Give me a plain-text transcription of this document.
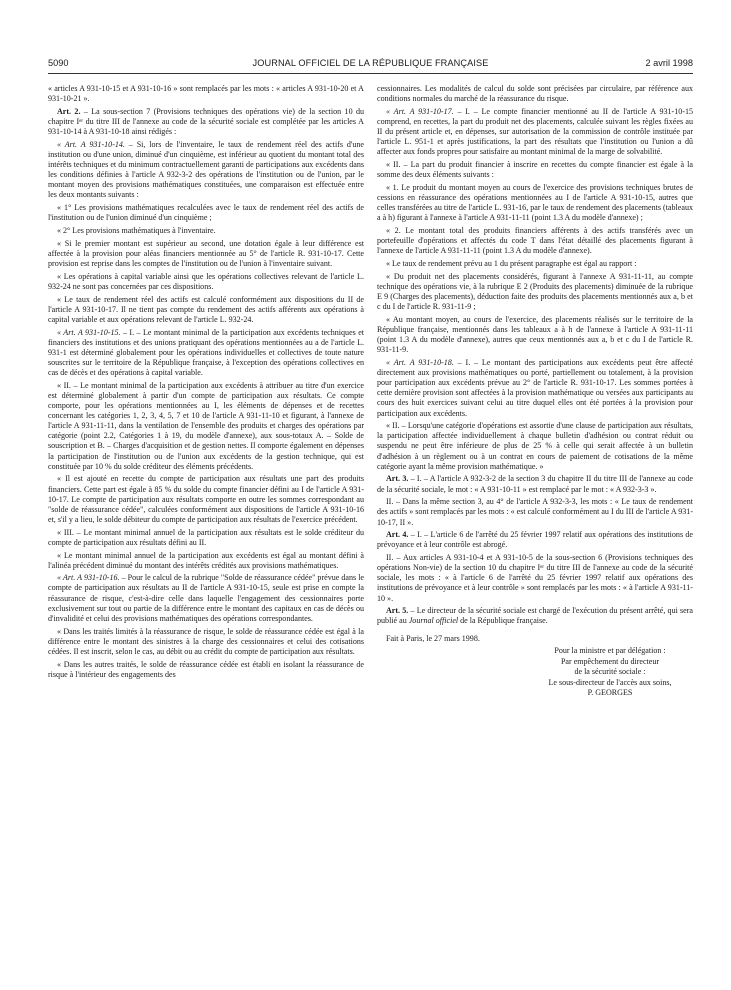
5090	JOURNAL OFFICIEL DE LA RÉPUBLIQUE FRANÇAISE	2 avril 1998

« articles A 931-10-15 et A 931-10-16 » sont remplacés par les mots : « articles A 931-10-20 et A 931-10-21 ».

Art. 2. – La sous-section 7 (Provisions techniques des opérations vie) de la section 10 du chapitre Iᵉʳ du titre III de l'annexe au code de la sécurité sociale est complétée par les articles A 931-10-14 à A 931-10-18 ainsi rédigés :

« Art. A 931-10-14. – Si, lors de l'inventaire, le taux de rendement réel des actifs d'une institution ou d'une union, diminué d'un cinquième, est inférieur au quotient du montant total des intérêts techniques et du minimum contractuellement garanti de participations aux excédents dans les conditions définies à l'article A 932-3-2 des opérations de l'institution ou de l'union, par le montant moyen des provisions mathématiques constituées, une comparaison est effectuée entre les deux montants suivants :

« 1° Les provisions mathématiques recalculées avec le taux de rendement réel des actifs de l'institution ou de l'union diminué d'un cinquième ;

« 2° Les provisions mathématiques à l'inventaire.

« Si le premier montant est supérieur au second, une dotation égale à leur différence est affectée à la provision pour aléas financiers mentionnée au 5° de l'article R. 931-10-17. Cette provision est reprise dans les comptes de l'institution ou de l'union à l'inventaire suivant.

« Les opérations à capital variable ainsi que les opérations collectives relevant de l'article L. 932-24 ne sont pas concernées par ces dispositions.

« Le taux de rendement réel des actifs est calculé conformément aux dispositions du II de l'article A 931-10-17. Il ne tient pas compte du rendement des actifs afférents aux opérations à capital variable et aux opérations relevant de l'article L. 932-24.

« Art. A 931-10-15. – I. – Le montant minimal de la participation aux excédents techniques et financiers des institutions et des unions pratiquant des opérations mentionnées au a de l'article L. 931-1 est déterminé globalement pour les opérations individuelles et collectives de toute nature souscrites sur le territoire de la République française, à l'exception des opérations collectives en cas de décès et des opérations à capital variable.

« II. – Le montant minimal de la participation aux excédents à attribuer au titre d'un exercice est déterminé globalement à partir d'un compte de participation aux résultats. Ce compte comporte, pour les opérations mentionnées au I, les éléments de dépenses et de recettes concernant les catégories 1, 2, 3, 4, 5, 7 et 10 de l'article A 931-11-10 et figurant, à l'annexe de l'article A 931-11-11, dans la ventilation de l'ensemble des produits et charges des opérations par catégorie (point 2.2, Catégories 1 à 19, du modèle d'annexe), aux sous-totaux A. – Solde de souscription et B. – Charges d'acquisition et de gestion nettes. Il comporte également en dépenses la participation de l'institution ou de l'union aux excédents de la gestion technique, qui est constituée par 10 % du solde créditeur des éléments précédents.

« Il est ajouté en recette du compte de participation aux résultats une part des produits financiers. Cette part est égale à 85 % du solde du compte financier défini au I de l'article A 931-10-17. Le compte de participation aux résultats comporte en outre les sommes correspondant au "solde de réassurance cédée", calculées conformément aux dispositions de l'article A 931-10-16 et, s'il y a lieu, le solde débiteur du compte de participation aux résultats de l'exercice précédent.

« III. – Le montant minimal annuel de la participation aux résultats est le solde créditeur du compte de participation aux résultats défini au II.

« Le montant minimal annuel de la participation aux excédents est égal au montant défini à l'alinéa précédent diminué du montant des intérêts crédités aux provisions mathématiques.

« Art. A 931-10-16. – Pour le calcul de la rubrique "Solde de réassurance cédée" prévue dans le compte de participation aux résultats au II de l'article A 931-10-15, seule est prise en compte la réassurance de risque, c'est-à-dire celle dans laquelle l'engagement des cessionnaires porte exclusivement sur tout ou partie de la différence entre le montant des capitaux en cas de décès ou d'invalidité et celui des provisions mathématiques des opérations correspondantes.

« Dans les traités limités à la réassurance de risque, le solde de réassurance cédée est égal à la différence entre le montant des sinistres à la charge des cessionnaires et celui des cotisations cédées. Il est inscrit, selon le cas, au débit ou au crédit du compte de participation aux résultats.

« Dans les autres traités, le solde de réassurance cédée est établi en isolant la réassurance de risque à l'intérieur des engagements des

cessionnaires. Les modalités de calcul du solde sont précisées par circulaire, par référence aux conditions normales du marché de la réassurance du risque.

« Art. A 931-10-17. – I. – Le compte financier mentionné au II de l'article A 931-10-15 comprend, en recettes, la part du produit net des placements, calculée suivant les règles fixées au II du présent article et, en dépenses, sur autorisation de la commission de contrôle instituée par l'article L. 951-1 et après justifications, la part des résultats que l'institution ou l'union a dû affecter aux fonds propres pour satisfaire au montant minimal de la marge de solvabilité.

« II. – La part du produit financier à inscrire en recettes du compte financier est égale à la somme des deux éléments suivants :

« 1. Le produit du montant moyen au cours de l'exercice des provisions techniques brutes de cessions en réassurance des opérations mentionnées au I de l'article A 931-10-15, autres que celles transférées au titre de l'article L. 931-16, par le taux de rendement des placements (tableaux a à h) figurant à l'annexe à l'article A 931-11-11 (point 1.3 A du modèle d'annexe) ;

« 2. Le montant total des produits financiers afférents à des actifs transférés avec un portefeuille d'opérations et affectés du code T dans l'état détaillé des placements figurant à l'annexe de l'article A 931-11-11 (point 1.3 A du modèle d'annexe).

« Le taux de rendement prévu au 1 du présent paragraphe est égal au rapport :

« Du produit net des placements considérés, figurant à l'annexe A 931-11-11, au compte technique des opérations vie, à la rubrique E 2 (Produits des placements) diminuée de la rubrique E 9 (Charges des placements), déduction faite des produits des placements mentionnés aux a, b et c du I de l'article R. 931-11-9 ;

« Au montant moyen, au cours de l'exercice, des placements réalisés sur le territoire de la République française, mentionnés dans les tableaux a à h de l'annexe à l'article A 931-11-11 (point 1.3 A du modèle d'annexe), autres que ceux mentionnés aux a, b et c du I de l'article R. 931-11-9.

« Art. A 931-10-18. – I. – Le montant des participations aux excédents peut être affecté directement aux provisions mathématiques ou porté, partiellement ou totalement, à la provision pour participation aux excédents prévue au 2° de l'article R. 931-10-17. Les sommes portées à cette dernière provision sont affectées à la provision mathématique ou versées aux participants au cours des huit exercices suivant celui au titre duquel elles ont été portées à la provision pour participation aux excédents.

« II. – Lorsqu'une catégorie d'opérations est assortie d'une clause de participation aux résultats, la participation affectée individuellement à chaque bulletin d'adhésion ou contrat réduit ou suspendu ne peut être inférieure de plus de 25 % à celle qui serait affectée à un bulletin d'adhésion à un règlement ou à un contrat en cours de paiement de cotisations de la même catégorie ayant la même provision mathématique. »

Art. 3. – I. – A l'article A 932-3-2 de la section 3 du chapitre II du titre III de l'annexe au code de la sécurité sociale, le mot : « A 931-10-11 » est remplacé par le mot : « A 932-3-3 ».

II. – Dans la même section 3, au 4° de l'article A 932-3-3, les mots : « Le taux de rendement des actifs » sont remplacés par les mots : « est calculé conformément au I du III de l'article A 931-10-17, II ».

Art. 4. – I. – L'article 6 de l'arrêté du 25 février 1997 relatif aux opérations des institutions de prévoyance et à leur contrôle est abrogé.

II. – Aux articles A 931-10-4 et A 931-10-5 de la sous-section 6 (Provisions techniques des opérations Non-vie) de la section 10 du chapitre Iᵉʳ du titre III de l'annexe au code de la sécurité sociale, les mots : « à l'article 6 de l'arrêté du 25 février 1997 relatif aux opérations des institutions de prévoyance et à leur contrôle » sont remplacés par les mots : « à l'article A 931-11-10 ».

Art. 5. – Le directeur de la sécurité sociale est chargé de l'exécution du présent arrêté, qui sera publié au Journal officiel de la République française.

Fait à Paris, le 27 mars 1998.

Pour la ministre et par délégation :

Par empêchement du directeur

de la sécurité sociale :

Le sous-directeur de l'accès aux soins,

P. GEORGES
